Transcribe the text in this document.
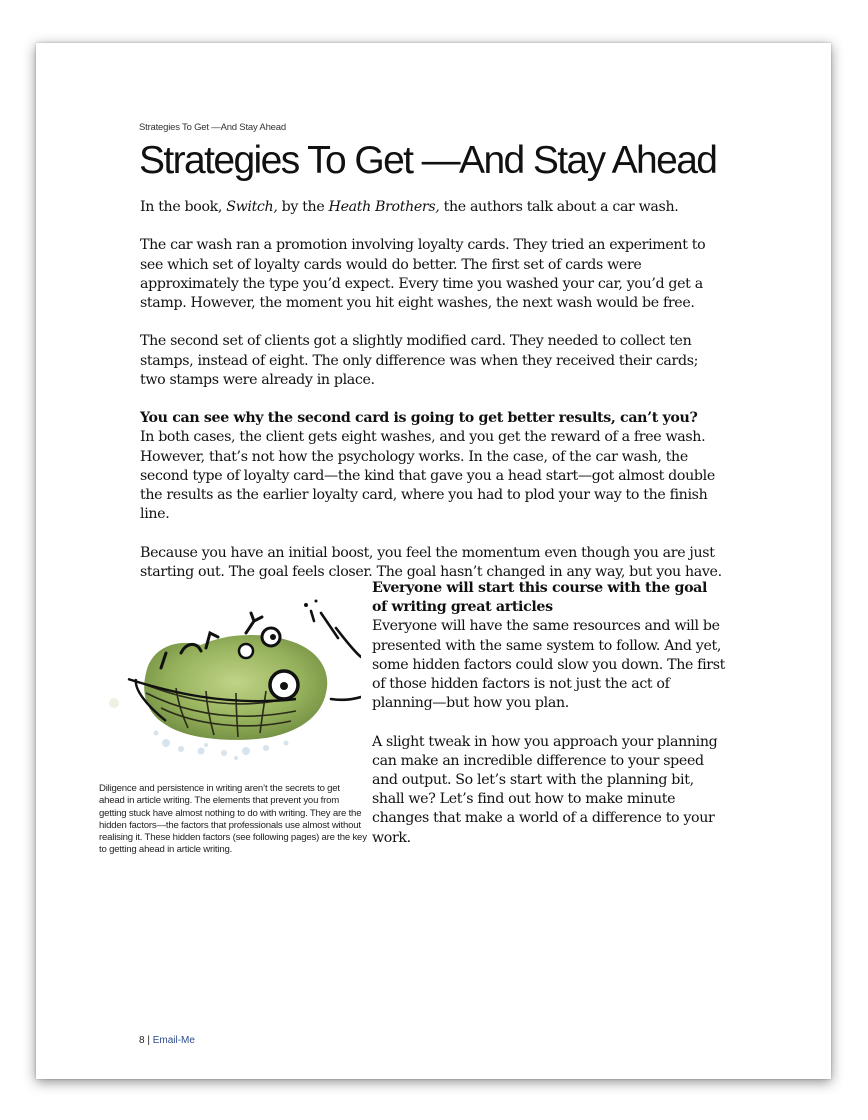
Strategies To Get —And Stay Ahead
Strategies To Get —And Stay Ahead

In the book, Switch, by the Heath Brothers, the authors talk about a car wash.

The car wash ran a promotion involving loyalty cards. They tried an experiment to see which set of loyalty cards would do better. The first set of cards were approximately the type you’d expect. Every time you washed your car, you’d get a stamp. However, the moment you hit eight washes, the next wash would be free.

The second set of clients got a slightly modified card. They needed to collect ten stamps, instead of eight. The only difference was when they received their cards; two stamps were already in place.

You can see why the second card is going to get better results, can’t you?
In both cases, the client gets eight washes, and you get the reward of a free wash. However, that’s not how the psychology works. In the case, of the car wash, the second type of loyalty card—the kind that gave you a head start—got almost double the results as the earlier loyalty card, where you had to plod your way to the finish line.

Because you have an initial boost, you feel the momentum even though you are just starting out. The goal feels closer. The goal hasn’t changed in any way, but you have.

Everyone will start this course with the goal of writing great articles
Everyone will have the same resources and will be presented with the same system to follow. And yet, some hidden factors could slow you down. The first of those hidden factors is not just the act of planning—but how you plan.

A slight tweak in how you approach your planning can make an incredible difference to your speed and output. So let’s start with the planning bit, shall we? Let’s find out how to make minute changes that make a world of a difference to your work.

Diligence and persistence in writing aren’t the secrets to get ahead in article writing. The elements that prevent you from getting stuck have almost nothing to do with writing. They are the hidden factors—the factors that professionals use almost without realising it. These hidden factors (see following pages) are the key to getting ahead in article writing.
8 | Email-Me
